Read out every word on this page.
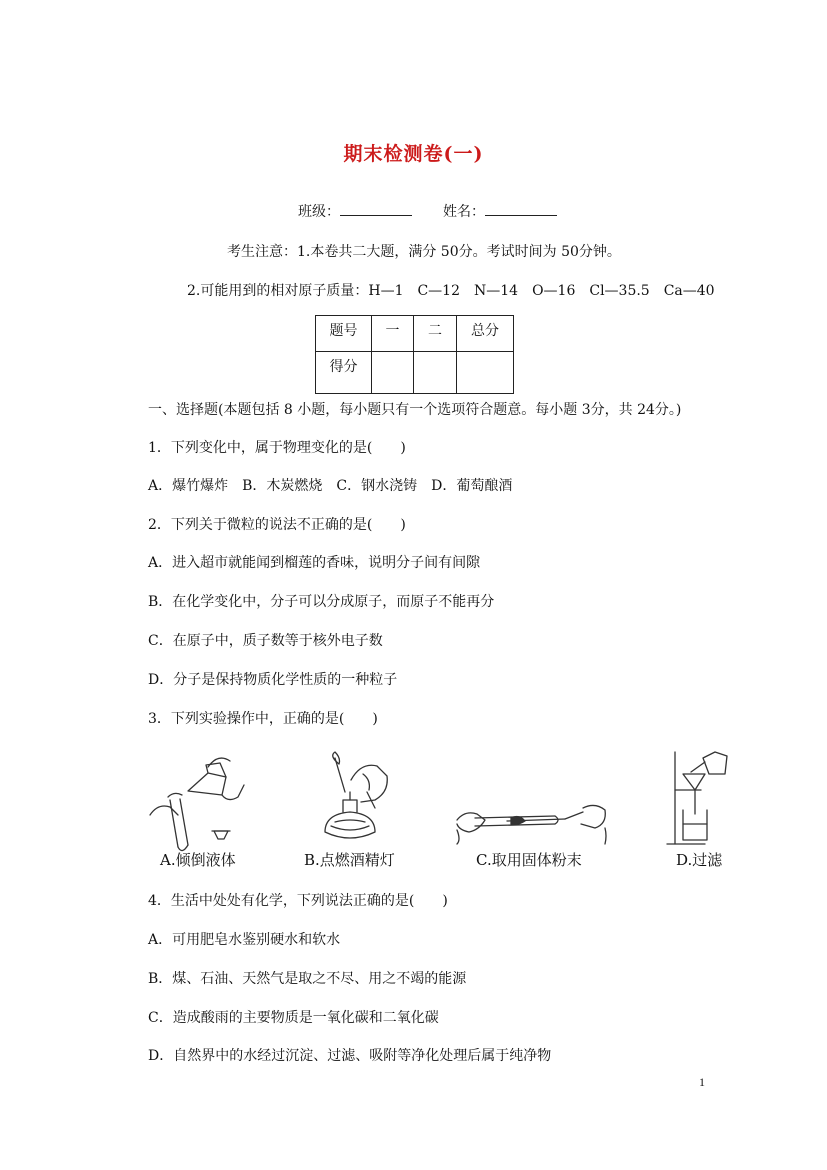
期末检测卷(一)
班级：	姓名：
考生注意：1.本卷共二大题，满分 50分。考试时间为 50分钟。
2.可能用到的相对原子质量：H—1　C—12　N—14　O—16　Cl—35.5　Ca—40
题号	一	二	总分
得分			
一、选择题(本题包括 8 小题，每小题只有一个选项符合题意。每小题 3分，共 24分。)
1．下列变化中，属于物理变化的是(　　)
A．爆竹爆炸　B．木炭燃烧　C．钢水浇铸　D．葡萄酿酒
2．下列关于微粒的说法不正确的是(　　)
A．进入超市就能闻到榴莲的香味，说明分子间有间隙
B．在化学变化中，分子可以分成原子，而原子不能再分
C．在原子中，质子数等于核外电子数
D．分子是保持物质化学性质的一种粒子
3．下列实验操作中，正确的是(　　)
A.倾倒液体	B.点燃酒精灯	C.取用固体粉末	D.过滤
4．生活中处处有化学，下列说法正确的是(　　)
A．可用肥皂水鉴别硬水和软水
B．煤、石油、天然气是取之不尽、用之不竭的能源
C．造成酸雨的主要物质是一氧化碳和二氧化碳
D．自然界中的水经过沉淀、过滤、吸附等净化处理后属于纯净物
1
